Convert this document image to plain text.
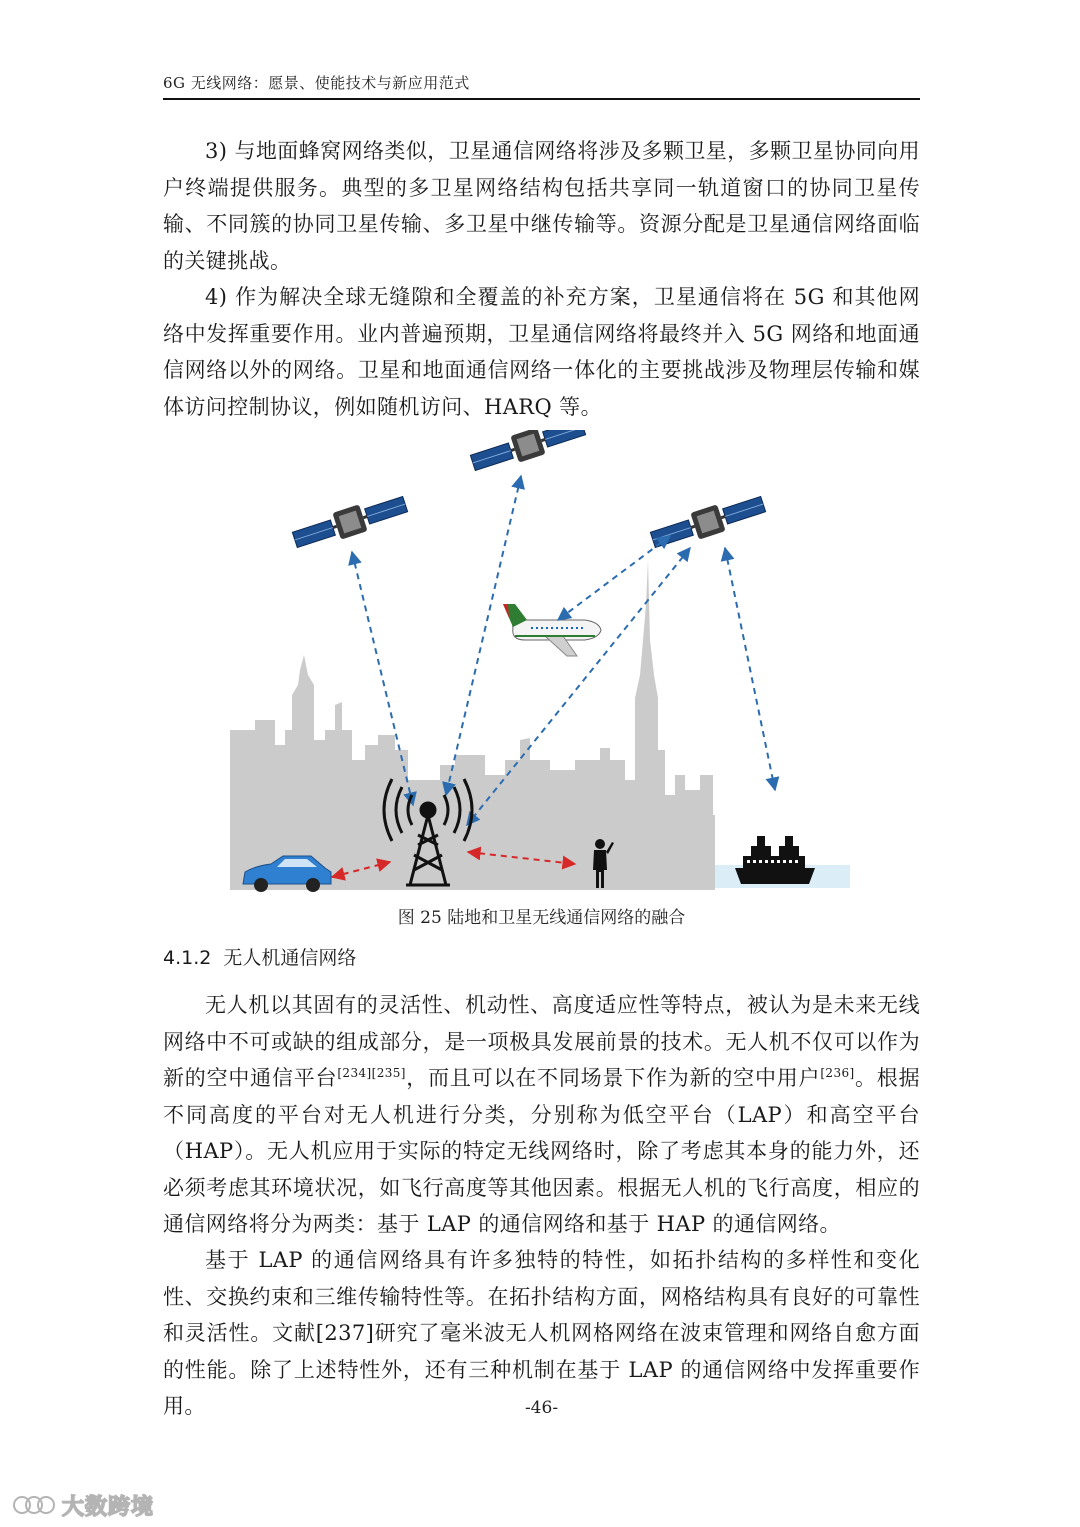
6G 无线网络：愿景、使能技术与新应用范式

3) 与地面蜂窝网络类似，卫星通信网络将涉及多颗卫星，多颗卫星协同向用户终端提供服务。典型的多卫星网络结构包括共享同一轨道窗口的协同卫星传输、不同簇的协同卫星传输、多卫星中继传输等。资源分配是卫星通信网络面临的关键挑战。

4) 作为解决全球无缝隙和全覆盖的补充方案，卫星通信将在 5G 和其他网络中发挥重要作用。业内普遍预期，卫星通信网络将最终并入 5G 网络和地面通信网络以外的网络。卫星和地面通信网络一体化的主要挑战涉及物理层传输和媒体访问控制协议，例如随机访问、HARQ 等。

图 25 陆地和卫星无线通信网络的融合
4.1.2 无人机通信网络

无人机以其固有的灵活性、机动性、高度适应性等特点，被认为是未来无线网络中不可或缺的组成部分，是一项极具发展前景的技术。无人机不仅可以作为新的空中通信平台[234][235]，而且可以在不同场景下作为新的空中用户[236]。根据不同高度的平台对无人机进行分类，分别称为低空平台（LAP）和高空平台（HAP）。无人机应用于实际的特定无线网络时，除了考虑其本身的能力外，还必须考虑其环境状况，如飞行高度等其他因素。根据无人机的飞行高度，相应的通信网络将分为两类：基于 LAP 的通信网络和基于 HAP 的通信网络。

基于 LAP 的通信网络具有许多独特的特性，如拓扑结构的多样性和变化性、交换约束和三维传输特性等。在拓扑结构方面，网格结构具有良好的可靠性和灵活性。文献[237]研究了毫米波无人机网格网络在波束管理和网络自愈方面的性能。除了上述特性外，还有三种机制在基于 LAP 的通信网络中发挥重要作用。	-46-
大数跨境
